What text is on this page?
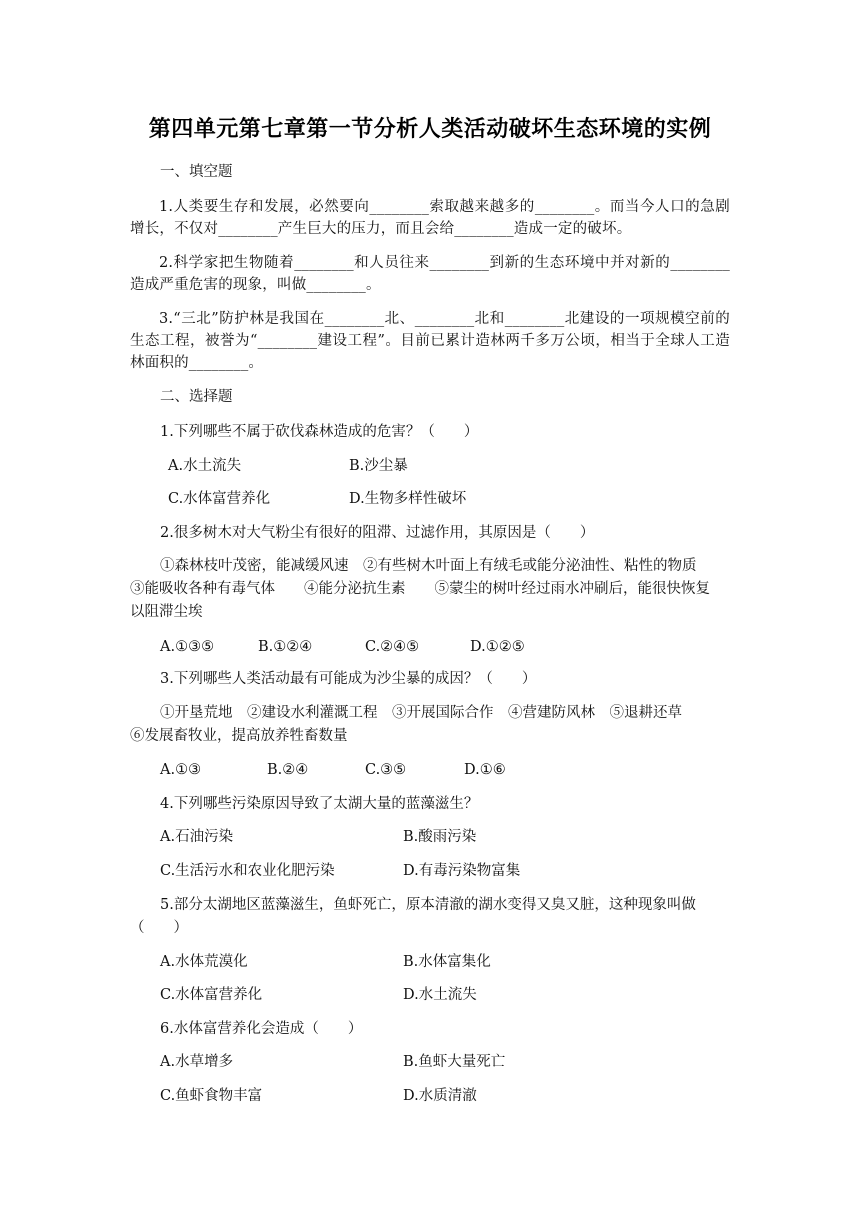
第四单元第七章第一节分析人类活动破坏生态环境的实例
一、填空题
1.人类要生存和发展，必然要向________索取越来越多的________。而当今人口的急剧增长，不仅对________产生巨大的压力，而且会给________造成一定的破坏。
2.科学家把生物随着________和人员往来________到新的生态环境中并对新的________造成严重危害的现象，叫做________。
3.“三北”防护林是我国在________北、________北和________北建设的一项规模空前的生态工程，被誉为“________建设工程”。目前已累计造林两千多万公顷，相当于全球人工造林面积的________。
二、选择题
1.下列哪些不属于砍伐森林造成的危害？（　　）
A.水土流失	B.沙尘暴
C.水体富营养化	D.生物多样性破坏
2.很多树木对大气粉尘有很好的阻滞、过滤作用，其原因是（　　）
①森林枝叶茂密，能减缓风速　②有些树木叶面上有绒毛或能分泌油性、粘性的物质
③能吸收各种有毒气体　　④能分泌抗生素　　⑤蒙尘的树叶经过雨水冲刷后，能很快恢复
以阻滞尘埃
A.①③⑤	B.①②④	C.②④⑤	D.①②⑤
3.下列哪些人类活动最有可能成为沙尘暴的成因？（　　）
①开垦荒地　②建设水利灌溉工程　③开展国际合作　④营建防风林　⑤退耕还草
⑥发展畜牧业，提高放养牲畜数量
A.①③	B.②④	C.③⑤	D.①⑥
4.下列哪些污染原因导致了太湖大量的蓝藻滋生？
A.石油污染	B.酸雨污染
C.生活污水和农业化肥污染	D.有毒污染物富集
5.部分太湖地区蓝藻滋生，鱼虾死亡，原本清澈的湖水变得又臭又脏，这种现象叫做
（　　）
A.水体荒漠化	B.水体富集化
C.水体富营养化	D.水土流失
6.水体富营养化会造成（　　）
A.水草增多	B.鱼虾大量死亡
C.鱼虾食物丰富	D.水质清澈
